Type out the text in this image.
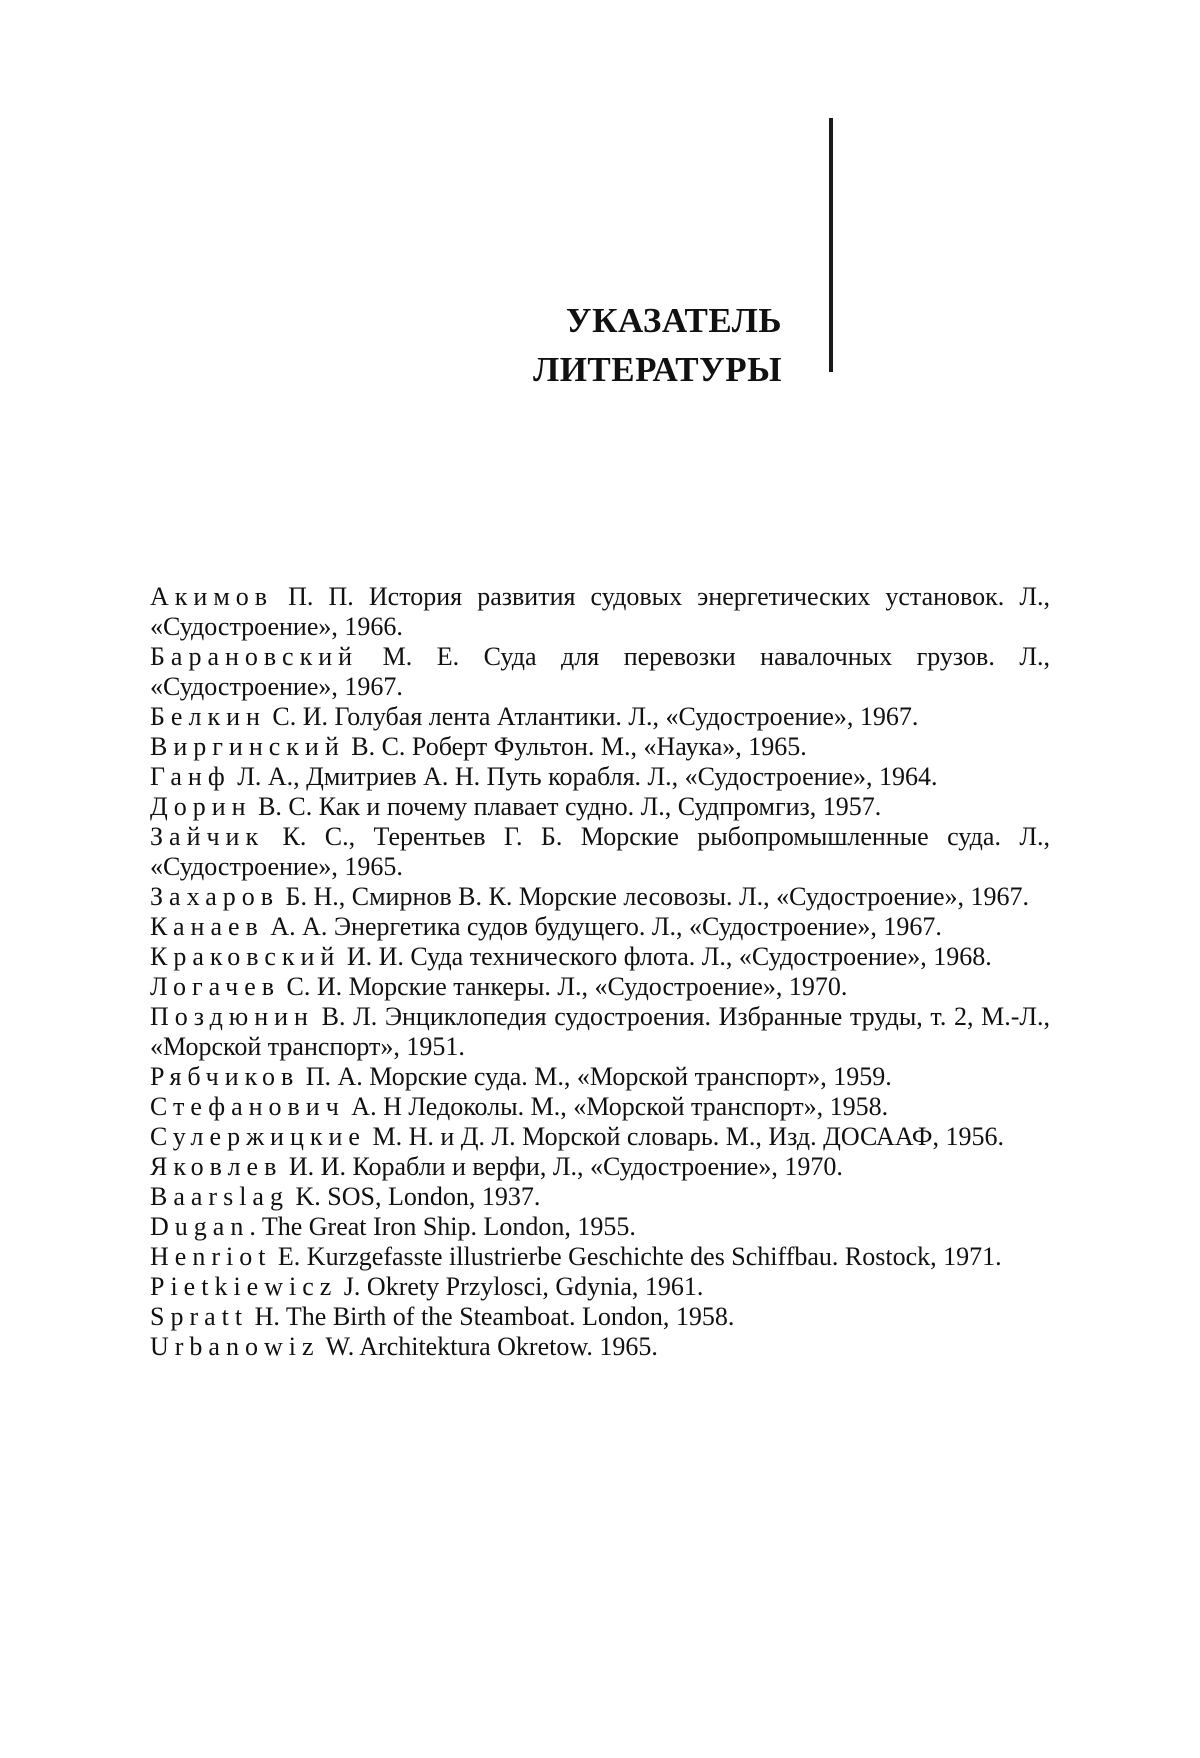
УКАЗАТЕЛЬ
ЛИТЕРАТУРЫ

Акимов П. П. История развития судовых энергетических установок. Л., «Судостроение», 1966.

Барановский М. Е. Суда для перевозки навалочных грузов. Л., «Судостроение», 1967.

Белкин С. И. Голубая лента Атлантики. Л., «Судостроение», 1967.

Виргинский В. С. Роберт Фультон. М., «Наука», 1965.

Ганф Л. А., Дмитриев А. Н. Путь корабля. Л., «Судостроение», 1964.

Дорин В. С. Как и почему плавает судно. Л., Судпромгиз, 1957.

Зайчик К. С., Терентьев Г. Б. Морские рыбопромышленные суда. Л., «Судостроение», 1965.

Захаров Б. Н., Смирнов В. К. Морские лесовозы. Л., «Судостроение», 1967.

Канаев А. А. Энергетика судов будущего. Л., «Судостроение», 1967.

Краковский И. И. Суда технического флота. Л., «Судостроение», 1968.

Логачев С. И. Морские танкеры. Л., «Судостроение», 1970.

Поздюнин В. Л. Энциклопедия судостроения. Избранные труды, т. 2, М.-Л., «Морской транспорт», 1951.

Рябчиков П. А. Морские суда. М., «Морской транспорт», 1959.

Стефанович А. Н Ледоколы. М., «Морской транспорт», 1958.

Сулержицкие М. Н. и Д. Л. Морской словарь. М., Изд. ДОСААФ, 1956.

Яковлев И. И. Корабли и верфи, Л., «Судостроение», 1970.

Baarslag K. SOS, London, 1937.

Dugan. The Great Iron Ship. London, 1955.

Henriot E. Kurzgefasste illustrierbe Geschichte des Schiffbau. Rostock, 1971.

Pietkiewicz J. Okrety Przylosci, Gdynia, 1961.

Spratt H. The Birth of the Steamboat. London, 1958.

Urbanowiz W. Architektura Okretow. 1965.
